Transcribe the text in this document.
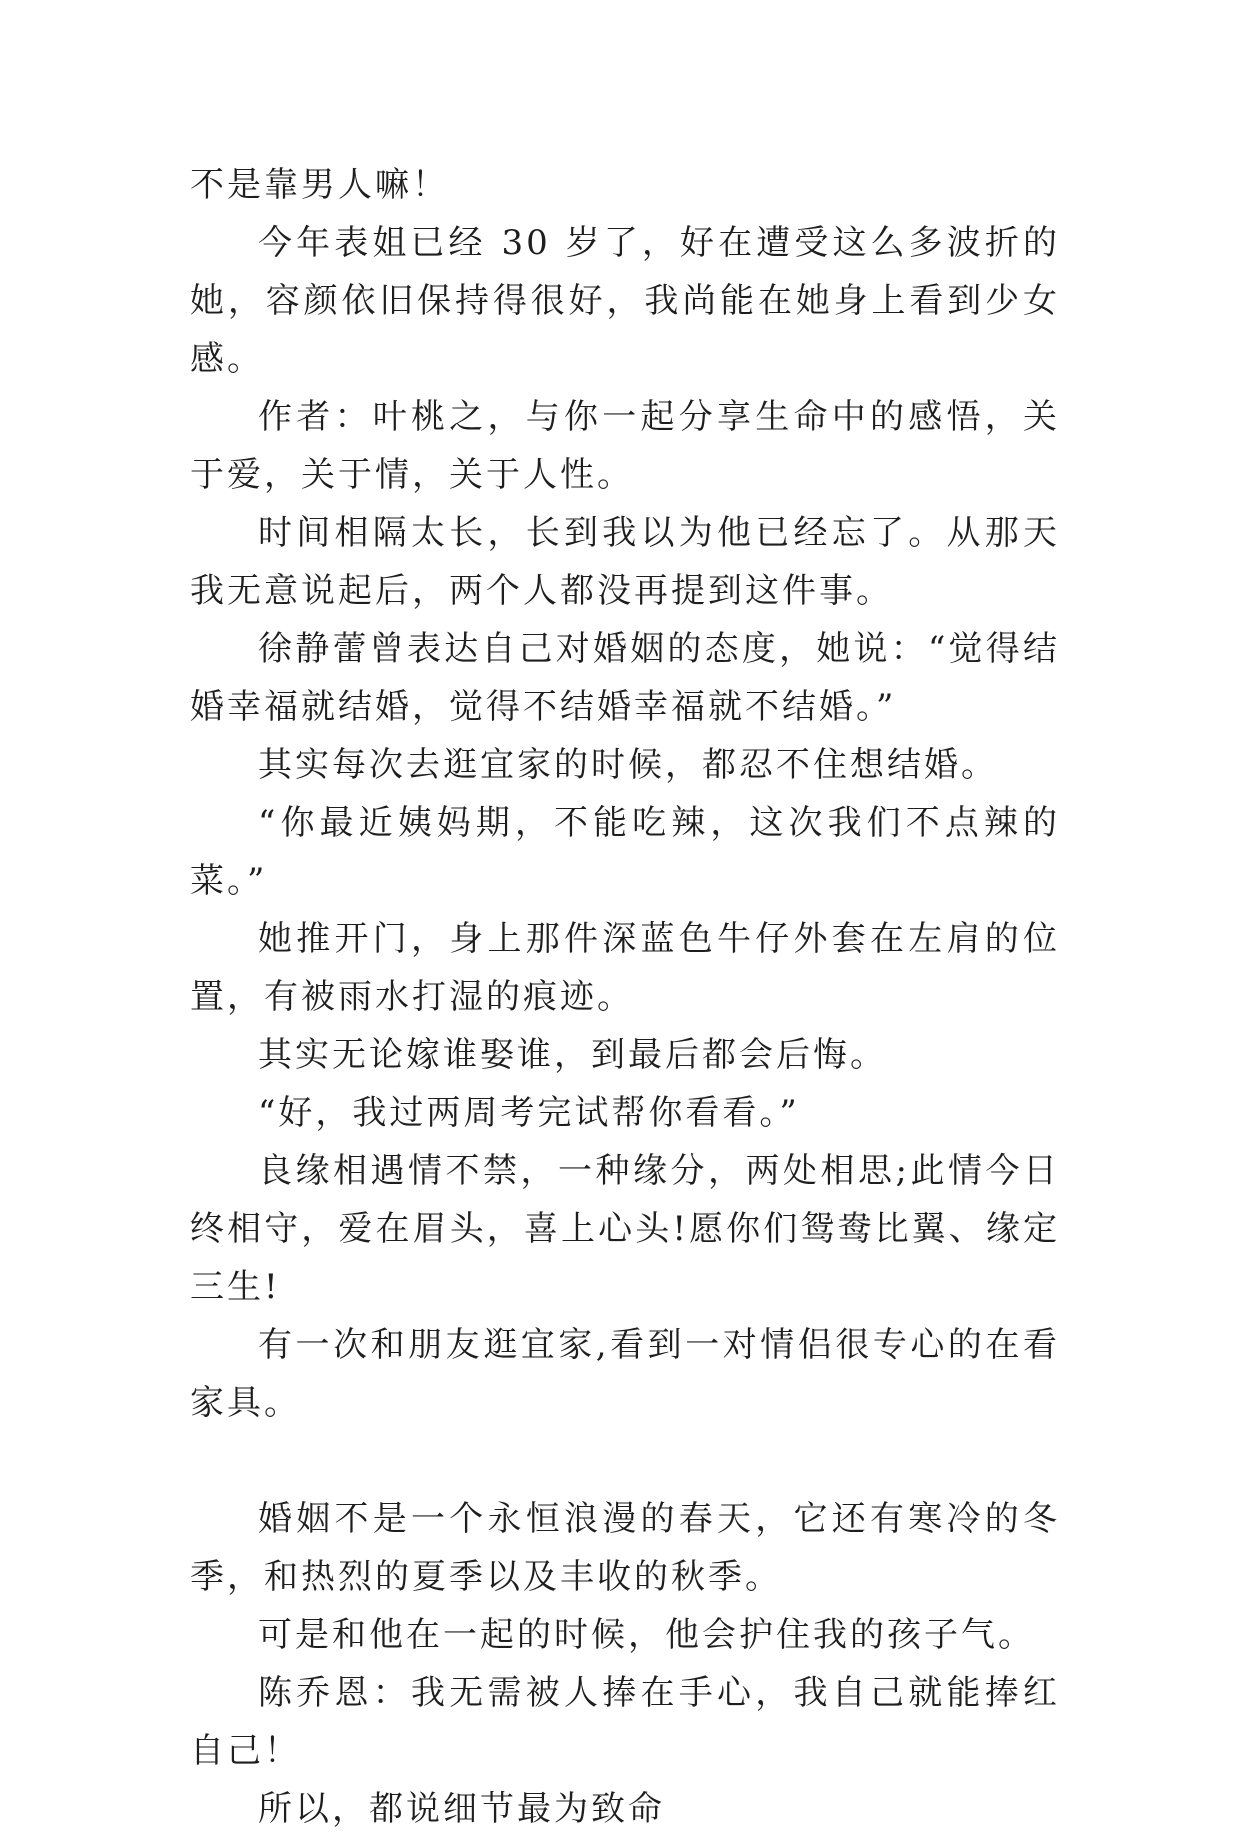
不是靠男人嘛！

今年表姐已经 30 岁了，好在遭受这么多波折的她，容颜依旧保持得很好，我尚能在她身上看到少女感。

作者：叶桃之，与你一起分享生命中的感悟，关于爱，关于情，关于人性。

时间相隔太长，长到我以为他已经忘了。从那天我无意说起后，两个人都没再提到这件事。

徐静蕾曾表达自己对婚姻的态度，她说：“觉得结婚幸福就结婚，觉得不结婚幸福就不结婚。”

其实每次去逛宜家的时候，都忍不住想结婚。

“你最近姨妈期，不能吃辣，这次我们不点辣的菜。”

她推开门，身上那件深蓝色牛仔外套在左肩的位置，有被雨水打湿的痕迹。

其实无论嫁谁娶谁，到最后都会后悔。

“好，我过两周考完试帮你看看。”

良缘相遇情不禁，一种缘分，两处相思;此情今日终相守，爱在眉头，喜上心头!愿你们鸳鸯比翼、缘定三生!

有一次和朋友逛宜家,看到一对情侣很专心的在看家具。

婚姻不是一个永恒浪漫的春天，它还有寒冷的冬季，和热烈的夏季以及丰收的秋季。

可是和他在一起的时候，他会护住我的孩子气。

陈乔恩：我无需被人捧在手心，我自己就能捧红自己！

所以，都说细节最为致命
